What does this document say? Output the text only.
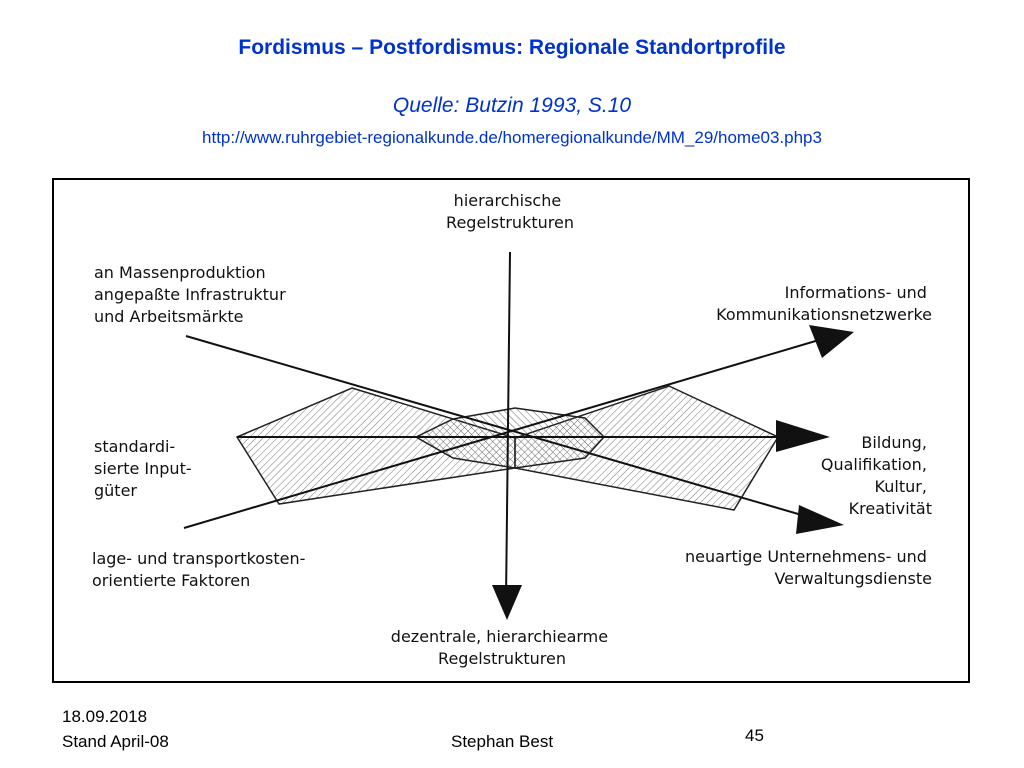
Fordismus – Postfordismus: Regionale Standortprofile
Quelle: Butzin 1993, S.10
http://www.ruhrgebiet-regionalkunde.de/homeregionalkunde/MM_29/home03.php3
hierarchische Regelstrukturen
an Massenproduktion angepaßte Infrastruktur und Arbeitsmärkte
standardi- sierte Input- güter
lage- und transportkosten- orientierte Faktoren
Informations- und Kommunikationsnetzwerke
Bildung, Qualifikation, Kultur, Kreativität
neuartige Unternehmens- und Verwaltungsdienste
dezentrale, hierarchiearme Regelstrukturen
18.09.2018
Stand April-08	Stephan Best	45
